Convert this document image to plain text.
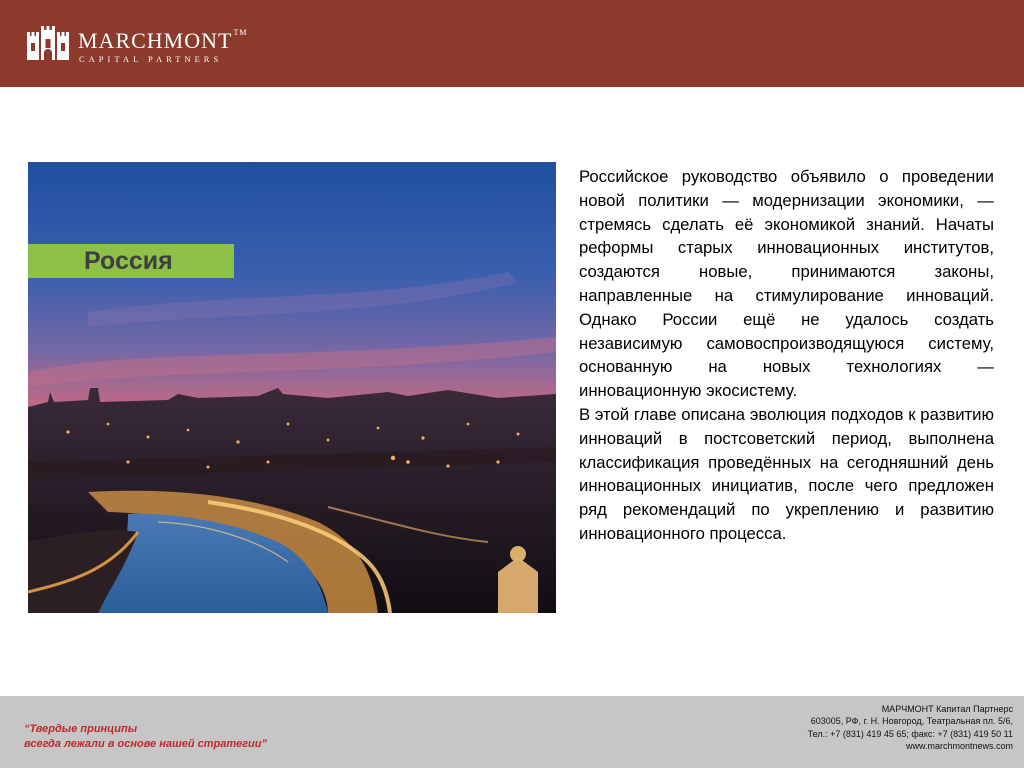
MARCHMONT™
CAPITAL PARTNERS
Россия

Российское руководство объявило о проведении новой политики — модернизации экономики, — стремясь сделать её экономикой знаний. Начаты реформы старых инновационных институтов, создаются новые, принимаются законы, направленные на стимулирование инноваций. Однако России ещё не удалось создать независимую самовоспроизводящуюся систему, основанную на новых технологиях — инновационную экосистему.

В этой главе описана эволюция подходов к развитию инноваций в постсоветский период, выполнена классификация проведённых на сегодняшний день инновационных инициатив, после чего предложен ряд рекомендаций по укреплению и развитию инновационного процесса.

“Твердые принципы
всегда лежали в основе нашей стратегии”
МАРЧМОНТ Капитал Партнерс
603005, РФ, г. Н. Новгород, Театральная пл. 5/6,
Тел.: +7 (831) 419 45 65; факс: +7 (831) 419 50 11
www.marchmontnews.com
